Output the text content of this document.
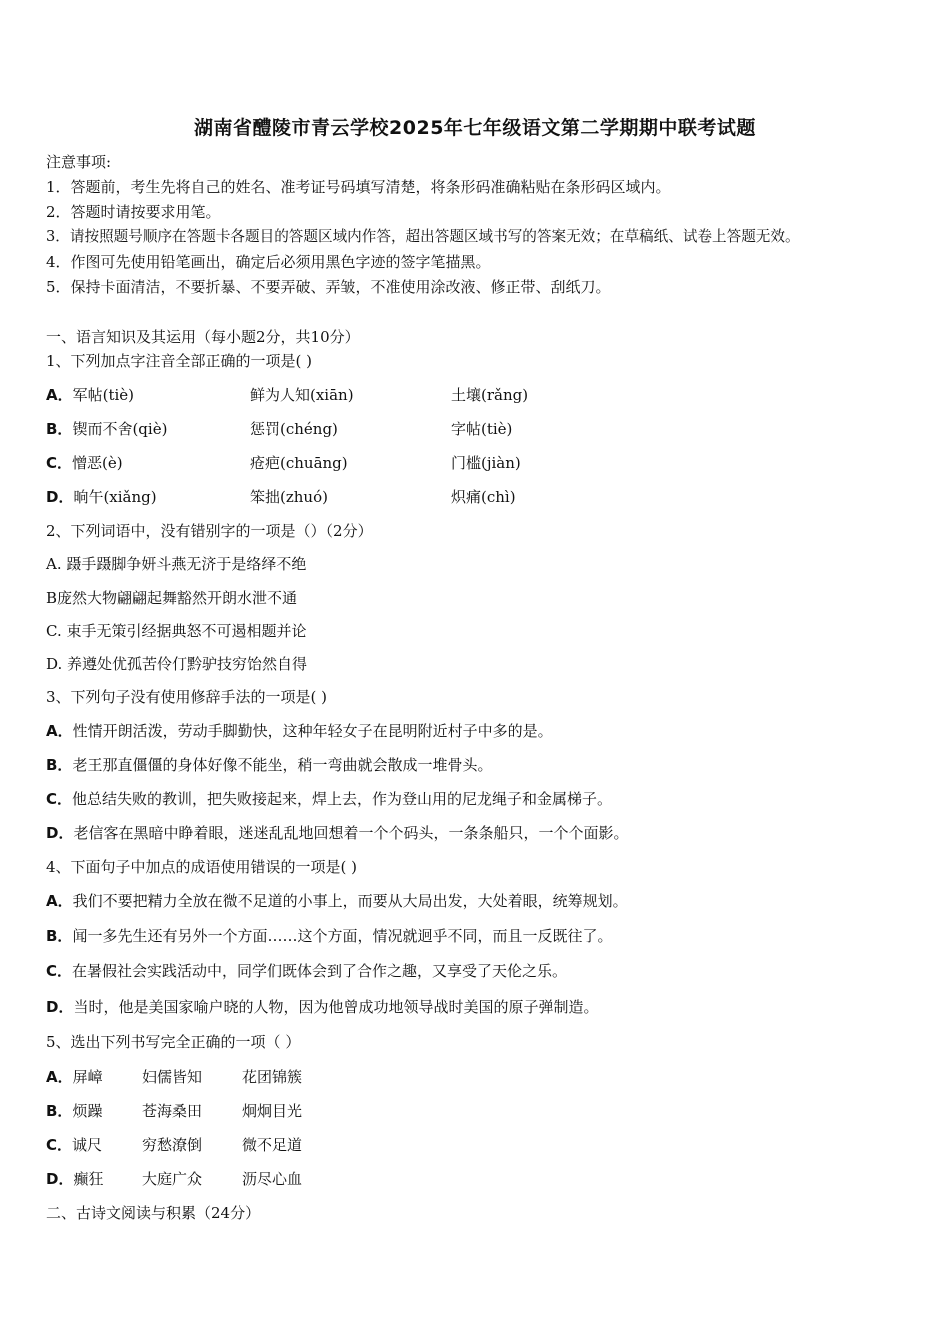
湖南省醴陵市青云学校2025年七年级语文第二学期期中联考试题
注意事项:
1．答题前，考生先将自己的姓名、准考证号码填写清楚，将条形码准确粘贴在条形码区域内。
2．答题时请按要求用笔。
3．请按照题号顺序在答题卡各题目的答题区域内作答，超出答题区域书写的答案无效；在草稿纸、试卷上答题无效。
4．作图可先使用铅笔画出，确定后必须用黑色字迹的签字笔描黑。
5．保持卡面清洁，不要折暴、不要弄破、弄皱，不准使用涂改液、修正带、刮纸刀。
一、语言知识及其运用（每小题2分，共10分）
1、下列加点字注音全部正确的一项是( )
A．军帖(tiè)	鲜为人知(xiān)	土壤(rǎng)
B．锲而不舍(qiè)	惩罚(chéng)	字帖(tiè)
C．憎恶(è)	疮疤(chuāng)	门槛(jiàn)
D．晌午(xiǎng)	笨拙(zhuó)	炽痛(chì)
2、下列词语中，没有错别字的一项是（）（2分）
A. 蹑手蹑脚争妍斗燕无济于是络绎不绝
B庞然大物翩翩起舞豁然开朗水泄不通
C. 束手无策引经据典怒不可遏相题并论
D. 养遵处优孤苦伶仃黔驴技穷饴然自得
3、下列句子没有使用修辞手法的一项是( )
A．性情开朗活泼，劳动手脚勤快，这种年轻女子在昆明附近村子中多的是。
B．老王那直僵僵的身体好像不能坐，稍一弯曲就会散成一堆骨头。
C．他总结失败的教训，把失败接起来，焊上去，作为登山用的尼龙绳子和金属梯子。
D．老信客在黑暗中睁着眼，迷迷乱乱地回想着一个个码头，一条条船只，一个个面影。
4、下面句子中加点的成语使用错误的一项是( )
A．我们不要把精力全放在微不足道的小事上，而要从大局出发，大处着眼，统筹规划。
B．闻一多先生还有另外一个方面……这个方面，情况就迥乎不同，而且一反既往了。
C．在暑假社会实践活动中，同学们既体会到了合作之趣，又享受了天伦之乐。
D．当时，他是美国家喻户晓的人物，因为他曾成功地领导战时美国的原子弹制造。
5、选出下列书写完全正确的一项（ ）
A．屏嶂	妇儒皆知	花团锦簇
B．烦躁	苍海桑田	炯炯目光
C．诚尺	穷愁潦倒	微不足道
D．癫狂	大庭广众	沥尽心血
二、古诗文阅读与积累（24分）
